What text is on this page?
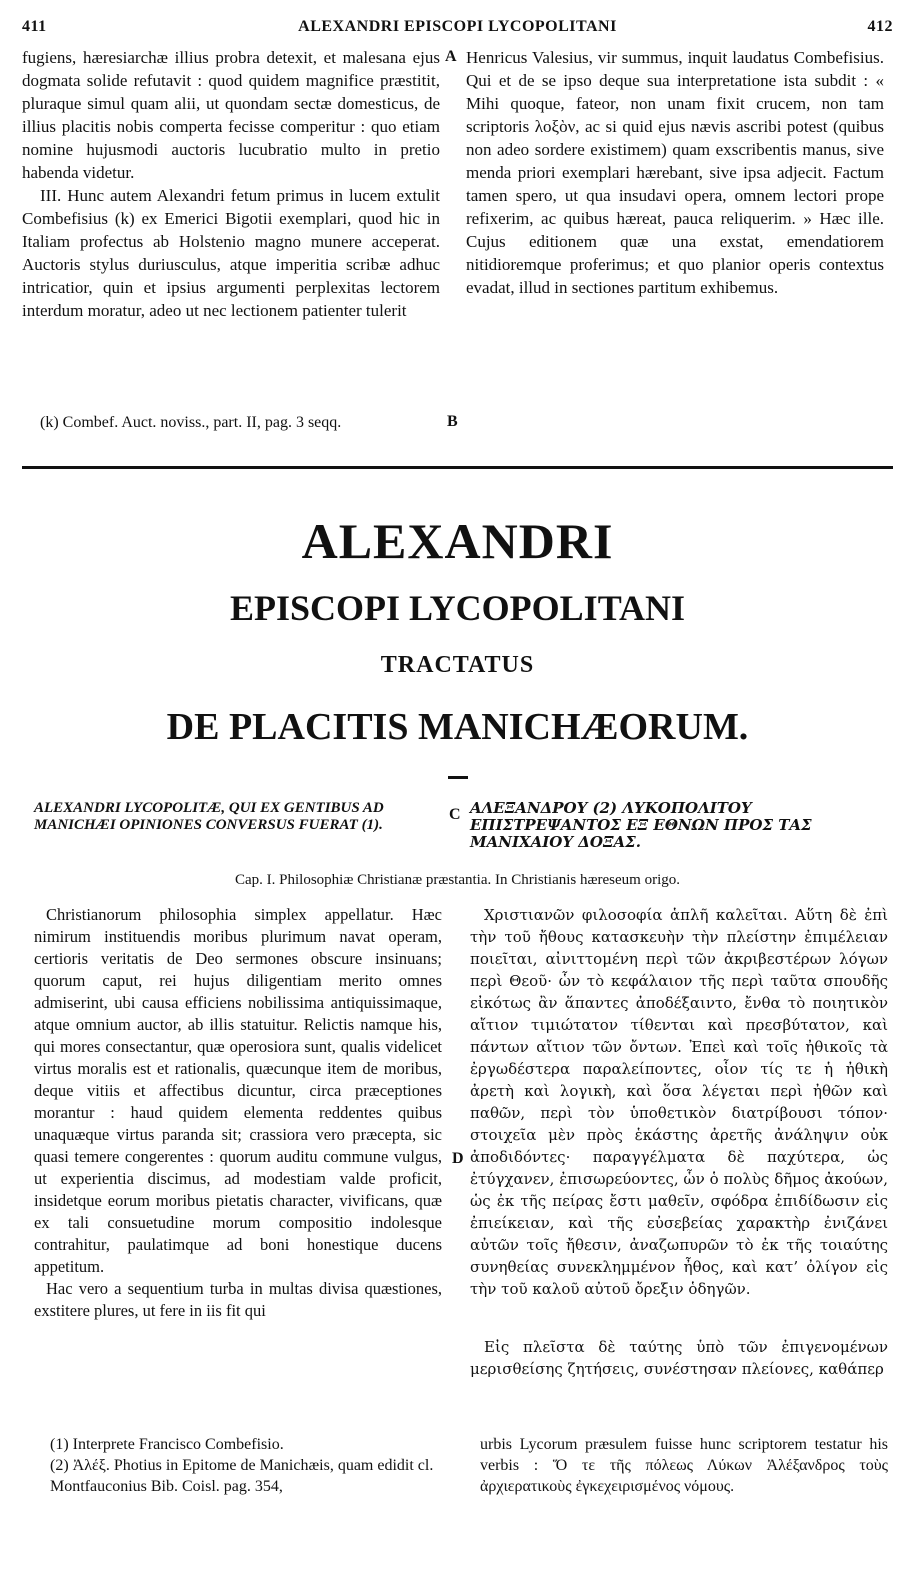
411	ALEXANDRI EPISCOPI LYCOPOLITANI	412

fugiens, hæresiarchæ illius probra detexit, et malesana ejus dogmata solide refutavit : quod quidem magnifice præstitit, pluraque simul quam alii, ut quondam sectæ domesticus, de illius placitis nobis comperta fecisse comperitur : quo etiam nomine hujusmodi auctoris lucubratio multo in pretio habenda videtur.

III. Hunc autem Alexandri fetum primus in lucem extulit Combefisius (k) ex Emerici Bigotii exemplari, quod hic in Italiam profectus ab Holstenio magno munere acceperat. Auctoris stylus duriusculus, atque imperitia scribæ adhuc intricatior, quin et ipsius argumenti perplexitas lectorem interdum moratur, adeo ut nec lectionem patienter tulerit

A Henricus Valesius, vir summus, inquit laudatus Combefisius. Qui et de se ipso deque sua interpretatione ista subdit : « Mihi quoque, fateor, non unam fixit crucem, non tam scriptoris λοξὸν, ac si quid ejus nævis ascribi potest (quibus non adeo sordere existimem) quam exscribentis manus, sive menda priori exemplari hærebant, sive ipsa adjecit. Factum tamen spero, ut qua insudavi opera, omnem lectori prope refixerim, ac quibus hæreat, pauca reliquerim. » Hæc ille. Cujus editionem quæ una exstat, emendatiorem nitidioremque proferimus; et quo planior operis contextus evadat, illud in sectiones partitum exhibemus.

(k) Combef. Auct. noviss., part. II, pag. 3 seqq.	B
ALEXANDRI
EPISCOPI LYCOPOLITANI
TRACTATUS
DE PLACITIS MANICHÆORUM.
ALEXANDRI LYCOPOLITÆ, QUI EX GENTIBUS AD MANICHÆI OPINIONES CONVERSUS FUERAT (1).
C ΑΛΕΞΑΝΔΡΟΥ (2) ΛΥΚΟΠΟΛΙΤΟΥ ΕΠΙΣΤΡΕΨΑΝΤΟΣ ΕΞ ΕΘΝΩΝ ΠΡΟΣ ΤΑΣ ΜΑΝΙΧΑΙΟΥ ΔΟΞΑΣ.
Cap. I. Philosophiæ Christianæ præstantia. In Christianis hæreseum origo.

Christianorum philosophia simplex appellatur. Hæc nimirum instituendis moribus plurimum navat operam, certioris veritatis de Deo sermones obscure insinuans; quorum caput, rei hujus diligentiam merito omnes admiserint, ubi causa efficiens nobilissima antiquissimaque, atque omnium auctor, ab illis statuitur. Relictis namque his, qui mores consectantur, quæ operosiora sunt, qualis videlicet virtus moralis est et rationalis, quæcunque item de moribus, deque vitiis et affectibus dicuntur, circa præceptiones morantur : haud quidem elementa reddentes quibus unaquæque virtus paranda sit; crassiora vero præcepta, sic quasi temere congerentes : quorum auditu commune vulgus, ut experientia discimus, ad modestiam valde proficit, insidetque eorum moribus pietatis character, vivificans, quæ ex tali consuetudine morum compositio indolesque contrahitur, paulatimque ad boni honestique ducens appetitum.

Hac vero a sequentium turba in multas divisa quæstiones, exstitere plures, ut fere in iis fit qui

D

Χριστιανῶν φιλοσοφία ἁπλῆ καλεῖται. Αὕτη δὲ ἐπὶ τὴν τοῦ ἤθους κατασκευὴν τὴν πλείστην ἐπιμέλειαν ποιεῖται, αἰνιττομένη περὶ τῶν ἀκριβεστέρων λόγων περὶ Θεοῦ· ὧν τὸ κεφάλαιον τῆς περὶ ταῦτα σπουδῆς εἰκότως ἂν ἅπαντες ἀποδέξαιντο, ἔνθα τὸ ποιητικὸν αἴτιον τιμιώτατον τίθενται καὶ πρεσβύτατον, καὶ πάντων αἴτιον τῶν ὄντων. Ἐπεὶ καὶ τοῖς ἠθικοῖς τὰ ἐργωδέστερα παραλείποντες, οἷον τίς τε ἡ ἠθικὴ ἀρετὴ καὶ λογικὴ, καὶ ὅσα λέγεται περὶ ἠθῶν καὶ παθῶν, περὶ τὸν ὑποθετικὸν διατρίβουσι τόπον· στοιχεῖα μὲν πρὸς ἑκάστης ἀρετῆς ἀνάληψιν οὐκ ἀποδιδόντες· παραγγέλματα δὲ παχύτερα, ὡς ἐτύγχανεν, ἐπισωρεύοντες, ὧν ὁ πολὺς δῆμος ἀκούων, ὡς ἐκ τῆς πείρας ἔστι μαθεῖν, σφόδρα ἐπιδίδωσιν εἰς ἐπιείκειαν, καὶ τῆς εὐσεβείας χαρακτὴρ ἐνιζάνει αὐτῶν τοῖς ἤθεσιν, ἀναζωπυρῶν τὸ ἐκ τῆς τοιαύτης συνηθείας συνεκλημμένον ἦθος, καὶ κατ’ ὀλίγον εἰς τὴν τοῦ καλοῦ αὐτοῦ ὄρεξιν ὁδηγῶν.

Εἰς πλεῖστα δὲ ταύτης ὑπὸ τῶν ἐπιγενομένων μερισθείσης ζητήσεις, συνέστησαν πλείονες, καθάπερ

(1) Interprete Francisco Combefisio.
(2) Ἀλέξ. Photius in Epitome de Manichæis, quam edidit cl. Montfauconius Bib. Coisl. pag. 354,
urbis Lycorum præsulem fuisse hunc scriptorem testatur his verbis : Ὅ τε τῆς πόλεως Λύκων Ἀλέξανδρος τοὺς ἀρχιερατικοὺς ἐγκεχειρισμένος νόμους.
